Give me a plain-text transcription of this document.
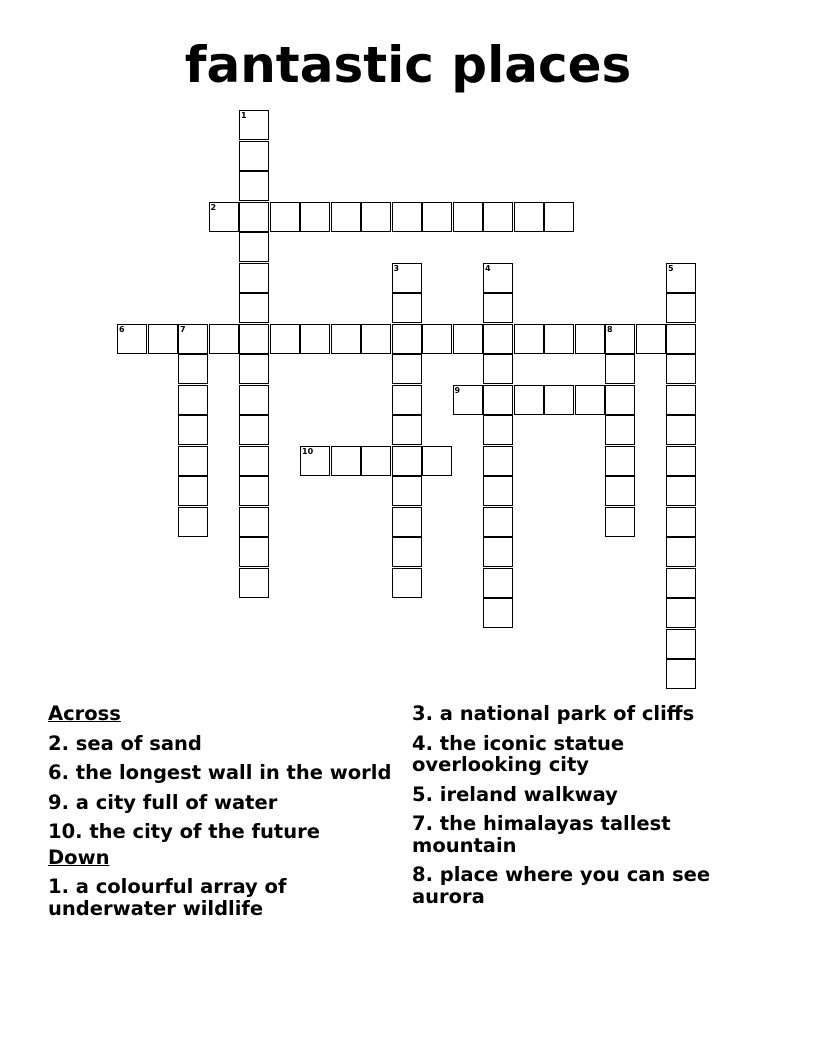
fantastic places
1
2
3	4	5
6	7	8
9
10
Across
2. sea of sand
6. the longest wall in the world
9. a city full of water
10. the city of the future
Down
1. a colourful array of underwater wildlife
3. a national park of cliffs
4. the iconic statue overlooking city
5. ireland walkway
7. the himalayas tallest mountain
8. place where you can see aurora
